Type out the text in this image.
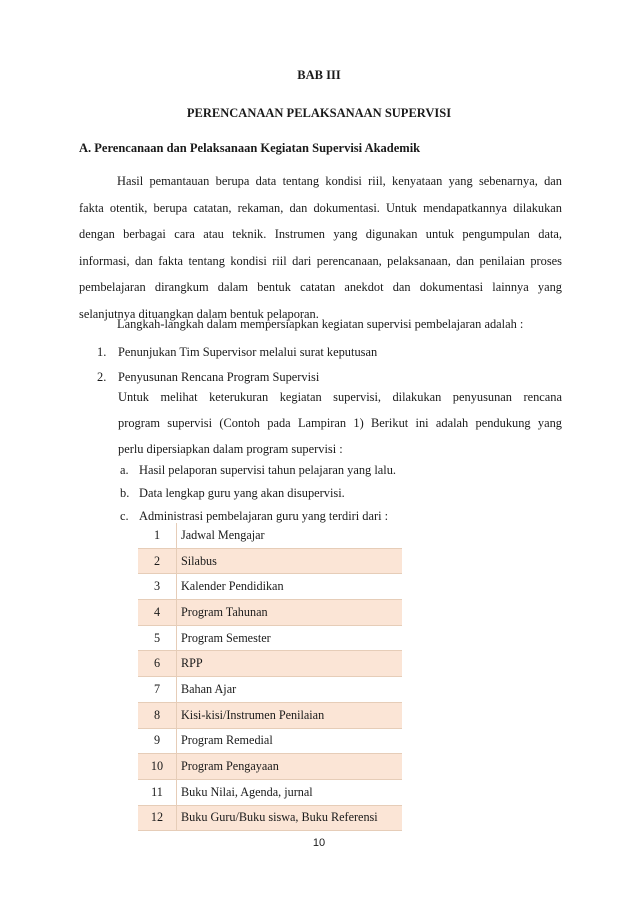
BAB III
PERENCANAAN PELAKSANAAN SUPERVISI
A. Perencanaan dan Pelaksanaan Kegiatan Supervisi Akademik
Hasil pemantauan berupa data tentang kondisi riil, kenyataan yang sebenarnya, dan
fakta otentik, berupa catatan, rekaman, dan dokumentasi. Untuk mendapatkannya dilakukan
dengan berbagai cara atau teknik. Instrumen yang digunakan untuk pengumpulan data,
informasi, dan fakta tentang kondisi riil dari perencanaan, pelaksanaan, dan penilaian proses
pembelajaran dirangkum dalam bentuk catatan anekdot dan dokumentasi lainnya yang
selanjutnya dituangkan dalam bentuk pelaporan.
Langkah-langkah dalam mempersiapkan kegiatan supervisi pembelajaran adalah :
1. Penunjukan Tim Supervisor melalui surat keputusan
2. Penyusunan Rencana Program Supervisi
Untuk melihat keterukuran kegiatan supervisi, dilakukan penyusunan rencana
program supervisi (Contoh pada Lampiran 1) Berikut ini adalah pendukung yang
perlu dipersiapkan dalam program supervisi :
a. Hasil pelaporan supervisi tahun pelajaran yang lalu.
b. Data lengkap guru yang akan disupervisi.
c. Administrasi pembelajaran guru yang terdiri dari :
1	Jadwal Mengajar
2	Silabus
3	Kalender Pendidikan
4	Program Tahunan
5	Program Semester
6	RPP
7	Bahan Ajar
8	Kisi-kisi/Instrumen Penilaian
9	Program Remedial
10	Program Pengayaan
11	Buku Nilai, Agenda, jurnal
12	Buku Guru/Buku siswa, Buku Referensi
10
